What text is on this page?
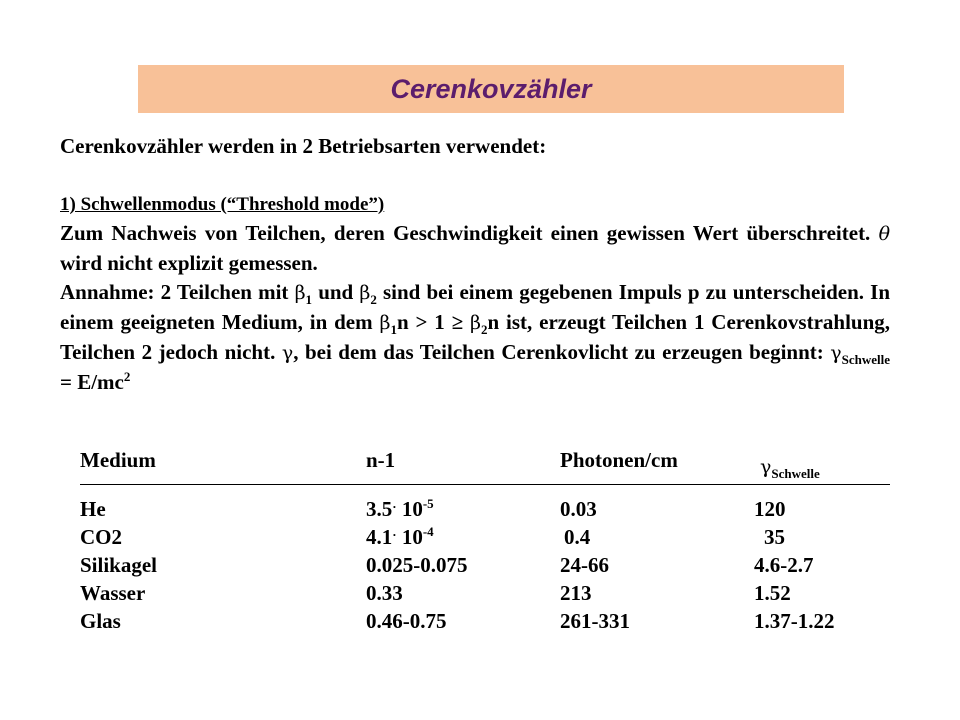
Cerenkovzähler
Cerenkovzähler werden in 2 Betriebsarten verwendet:
1) Schwellenmodus (“Threshold mode”)
Zum Nachweis von Teilchen, deren Geschwindigkeit einen gewissen Wert überschreitet. θ wird nicht explizit gemessen.
Annahme: 2 Teilchen mit $\beta_1$ und $\beta_2$ sind bei einem gegebenen Impuls p zu unterscheiden. In einem geeigneten Medium, in dem $\beta_1n > 1 \ge \beta_2n$ ist, erzeugt Teilchen 1 Cerenkovstrahlung, Teilchen 2 jedoch nicht. γ, bei dem das Teilchen Cerenkovlicht zu erzeugen beginnt: $\gamma_{Schwelle} = E/mc^2$
Medium	n-1	Photonen/cm	$\gamma_{Schwelle}$
He	3.5· $10^{-5}$	0.03	120
CO2	4.1· $10^{-4}$	0.4	35
Silikagel	0.025-0.075	24-66	4.6-2.7
Wasser	0.33	213	1.52
Glas	0.46-0.75	261-331	1.37-1.22
